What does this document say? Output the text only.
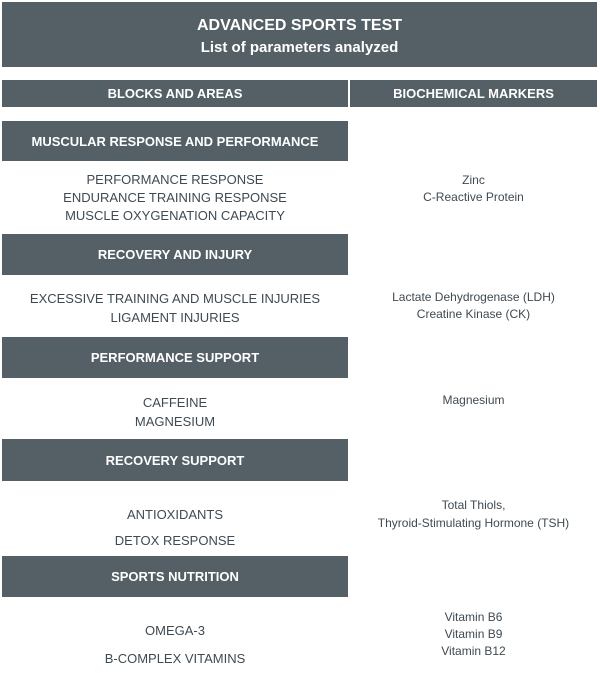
ADVANCED SPORTS TEST
List of parameters analyzed
BLOCKS AND AREAS	BIOCHEMICAL MARKERS
MUSCULAR RESPONSE AND PERFORMANCE
PERFORMANCE RESPONSE
ENDURANCE TRAINING RESPONSE
MUSCLE OXYGENATION CAPACITY
Zinc
C-Reactive Protein
RECOVERY AND INJURY
EXCESSIVE TRAINING AND MUSCLE INJURIES
LIGAMENT INJURIES
Lactate Dehydrogenase (LDH)
Creatine Kinase (CK)
PERFORMANCE SUPPORT
CAFFEINE
MAGNESIUM
Magnesium
RECOVERY SUPPORT
ANTIOXIDANTS
DETOX RESPONSE
Total Thiols,
Thyroid-Stimulating Hormone (TSH)
SPORTS NUTRITION
OMEGA-3
B-COMPLEX VITAMINS
Vitamin B6
Vitamin B9
Vitamin B12
